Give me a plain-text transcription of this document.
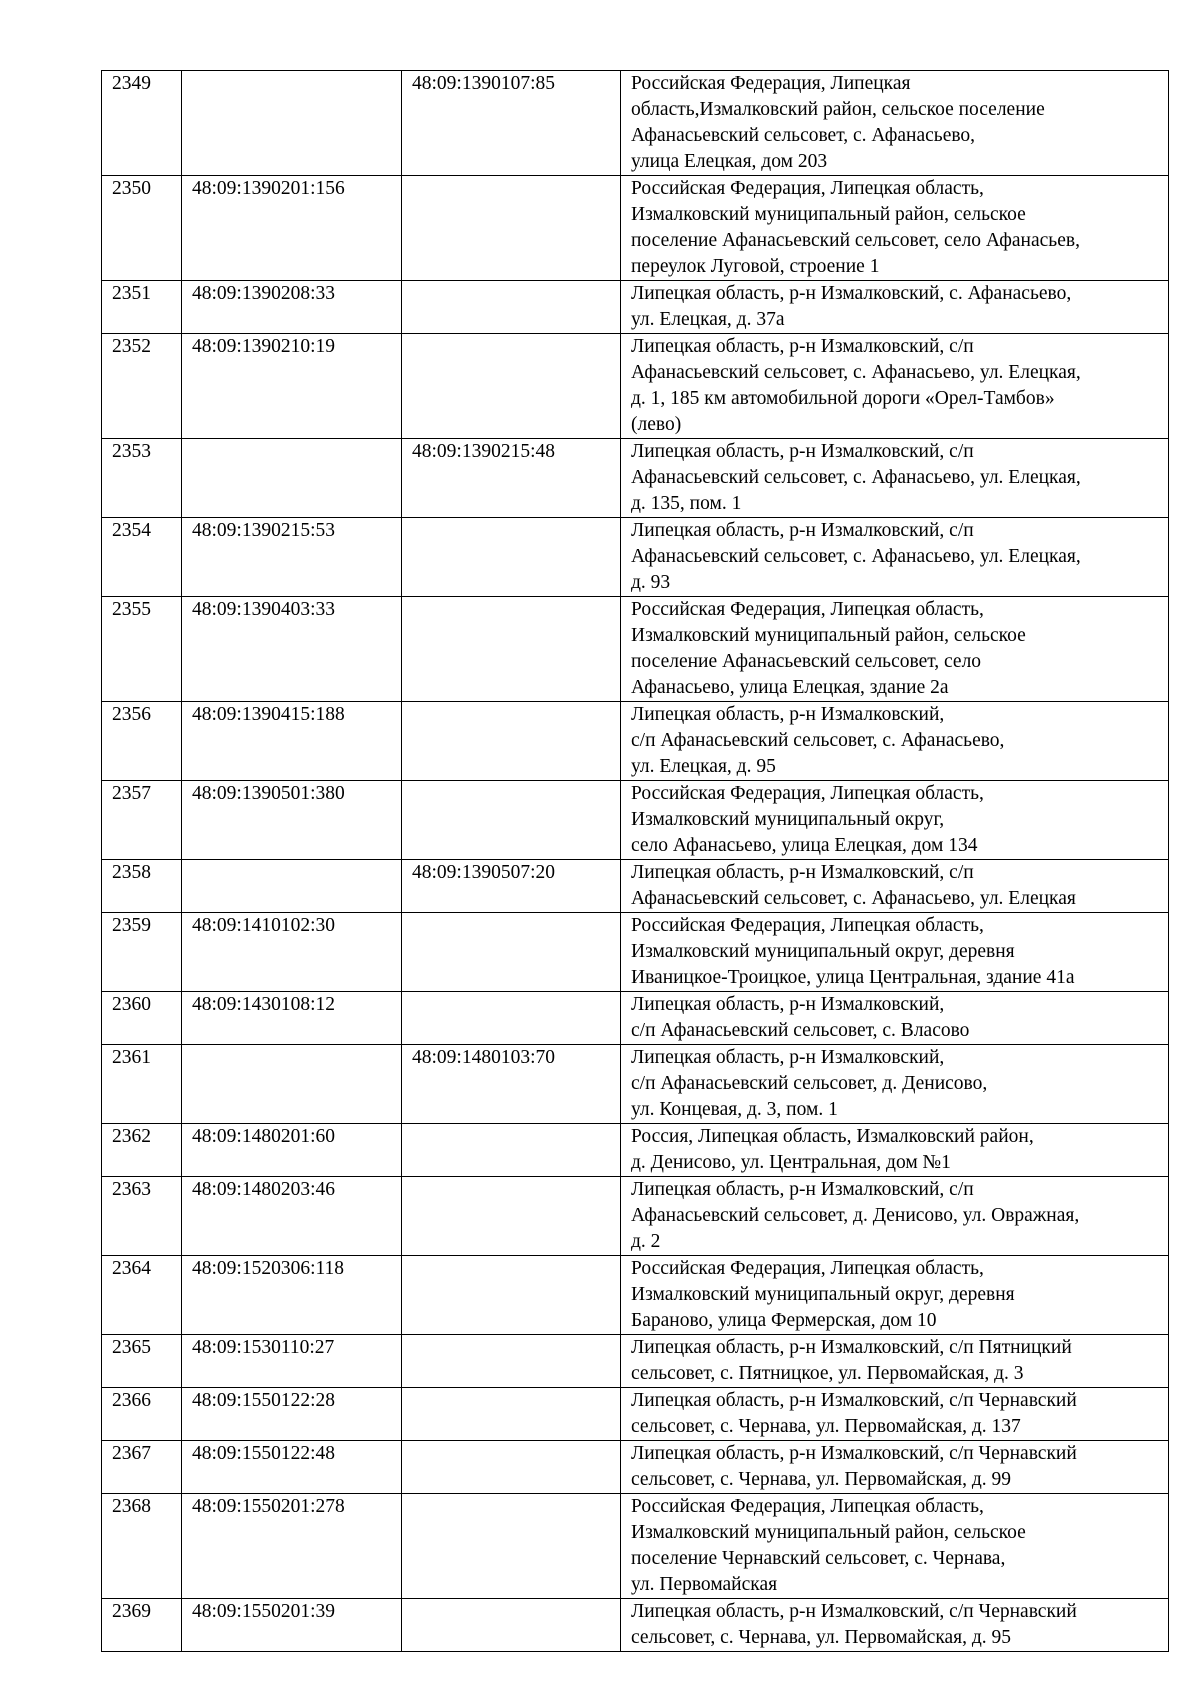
2349		48:09:1390107:85	Российская Федерация, Липецкая
область,Измалковский район, сельское поселение
Афанасьевский сельсовет, с. Афанасьево,
улица Елецкая, дом 203
2350	48:09:1390201:156		Российская Федерация, Липецкая область,
Измалковский муниципальный район, сельское
поселение Афанасьевский сельсовет, село Афанасьев,
переулок Луговой, строение 1
2351	48:09:1390208:33		Липецкая область, р-н Измалковский, с. Афанасьево,
ул. Елецкая, д. 37а
2352	48:09:1390210:19		Липецкая область, р-н Измалковский, с/п
Афанасьевский сельсовет, с. Афанасьево, ул. Елецкая,
д. 1, 185 км автомобильной дороги «Орел-Тамбов»
(лево)
2353		48:09:1390215:48	Липецкая область, р-н Измалковский, с/п
Афанасьевский сельсовет, с. Афанасьево, ул. Елецкая,
д. 135, пом. 1
2354	48:09:1390215:53		Липецкая область, р-н Измалковский, с/п
Афанасьевский сельсовет, с. Афанасьево, ул. Елецкая,
д. 93
2355	48:09:1390403:33		Российская Федерация, Липецкая область,
Измалковский муниципальный район, сельское
поселение Афанасьевский сельсовет, село
Афанасьево, улица Елецкая, здание 2а
2356	48:09:1390415:188		Липецкая область, р-н Измалковский,
с/п Афанасьевский сельсовет, с. Афанасьево,
ул. Елецкая, д. 95
2357	48:09:1390501:380		Российская Федерация, Липецкая область,
Измалковский муниципальный округ,
село Афанасьево, улица Елецкая, дом 134
2358		48:09:1390507:20	Липецкая область, р-н Измалковский, с/п
Афанасьевский сельсовет, с. Афанасьево, ул. Елецкая
2359	48:09:1410102:30		Российская Федерация, Липецкая область,
Измалковский муниципальный округ, деревня
Иваницкое-Троицкое, улица Центральная, здание 41а
2360	48:09:1430108:12		Липецкая область, р-н Измалковский,
с/п Афанасьевский сельсовет, с. Власово
2361		48:09:1480103:70	Липецкая область, р-н Измалковский,
с/п Афанасьевский сельсовет, д. Денисово,
ул. Концевая, д. 3, пом. 1
2362	48:09:1480201:60		Россия, Липецкая область, Измалковский район,
д. Денисово, ул. Центральная, дом №1
2363	48:09:1480203:46		Липецкая область, р-н Измалковский, с/п
Афанасьевский сельсовет, д. Денисово, ул. Овражная,
д. 2
2364	48:09:1520306:118		Российская Федерация, Липецкая область,
Измалковский муниципальный округ, деревня
Бараново, улица Фермерская, дом 10
2365	48:09:1530110:27		Липецкая область, р-н Измалковский, с/п Пятницкий
сельсовет, с. Пятницкое, ул. Первомайская, д. 3
2366	48:09:1550122:28		Липецкая область, р-н Измалковский, с/п Чернавский
сельсовет, с. Чернава, ул. Первомайская, д. 137
2367	48:09:1550122:48		Липецкая область, р-н Измалковский, с/п Чернавский
сельсовет, с. Чернава, ул. Первомайская, д. 99
2368	48:09:1550201:278		Российская Федерация, Липецкая область,
Измалковский муниципальный район, сельское
поселение Чернавский сельсовет, с. Чернава,
ул. Первомайская
2369	48:09:1550201:39		Липецкая область, р-н Измалковский, с/п Чернавский
сельсовет, с. Чернава, ул. Первомайская, д. 95
